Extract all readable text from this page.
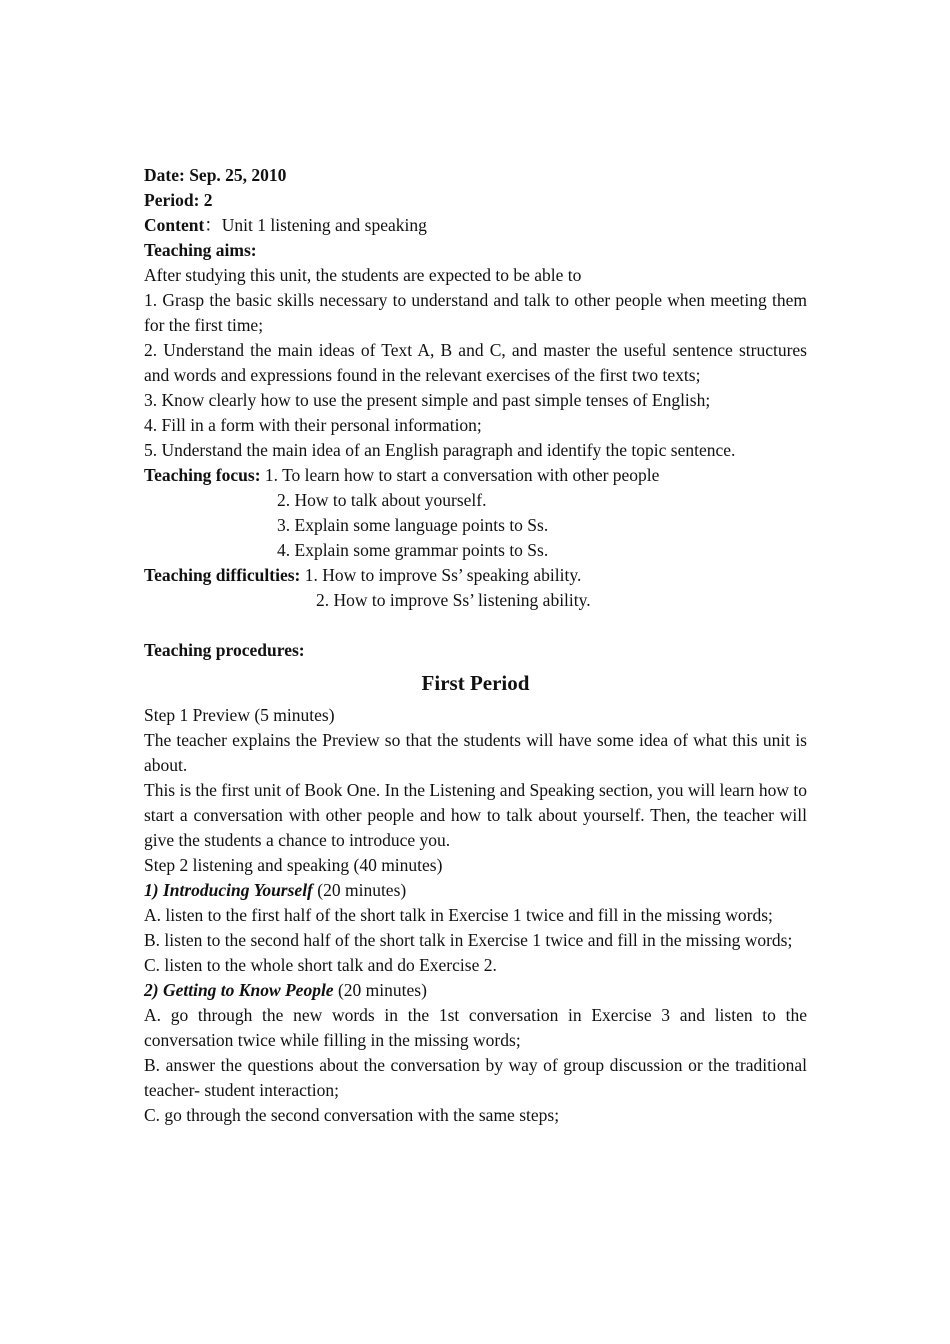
Date: Sep. 25, 2010
Period: 2
Content：Unit 1 listening and speaking
Teaching aims:
After studying this unit, the students are expected to be able to
1. Grasp the basic skills necessary to understand and talk to other people when meeting them for the first time;
2. Understand the main ideas of Text A, B and C, and master the useful sentence structures and words and expressions found in the relevant exercises of the first two texts;
3. Know clearly how to use the present simple and past simple tenses of English;
4. Fill in a form with their personal information;
5. Understand the main idea of an English paragraph and identify the topic sentence.
Teaching focus: 1. To learn how to start a conversation with other people
2. How to talk about yourself.
3. Explain some language points to Ss.
4. Explain some grammar points to Ss.
Teaching difficulties: 1. How to improve Ss’ speaking ability.
2. How to improve Ss’ listening ability.
Teaching procedures:
First Period
Step 1 Preview (5 minutes)
The teacher explains the Preview so that the students will have some idea of what this unit is about.
This is the first unit of Book One. In the Listening and Speaking section, you will learn how to start a conversation with other people and how to talk about yourself. Then, the teacher will give the students a chance to introduce you.
Step 2 listening and speaking (40 minutes)
1) Introducing Yourself (20 minutes)
A. listen to the first half of the short talk in Exercise 1 twice and fill in the missing words;
B. listen to the second half of the short talk in Exercise 1 twice and fill in the missing words;
C. listen to the whole short talk and do Exercise 2.
2) Getting to Know People (20 minutes)
A. go through the new words in the 1st conversation in Exercise 3 and listen to the conversation twice while filling in the missing words;
B. answer the questions about the conversation by way of group discussion or the traditional teacher- student interaction;
C. go through the second conversation with the same steps;
